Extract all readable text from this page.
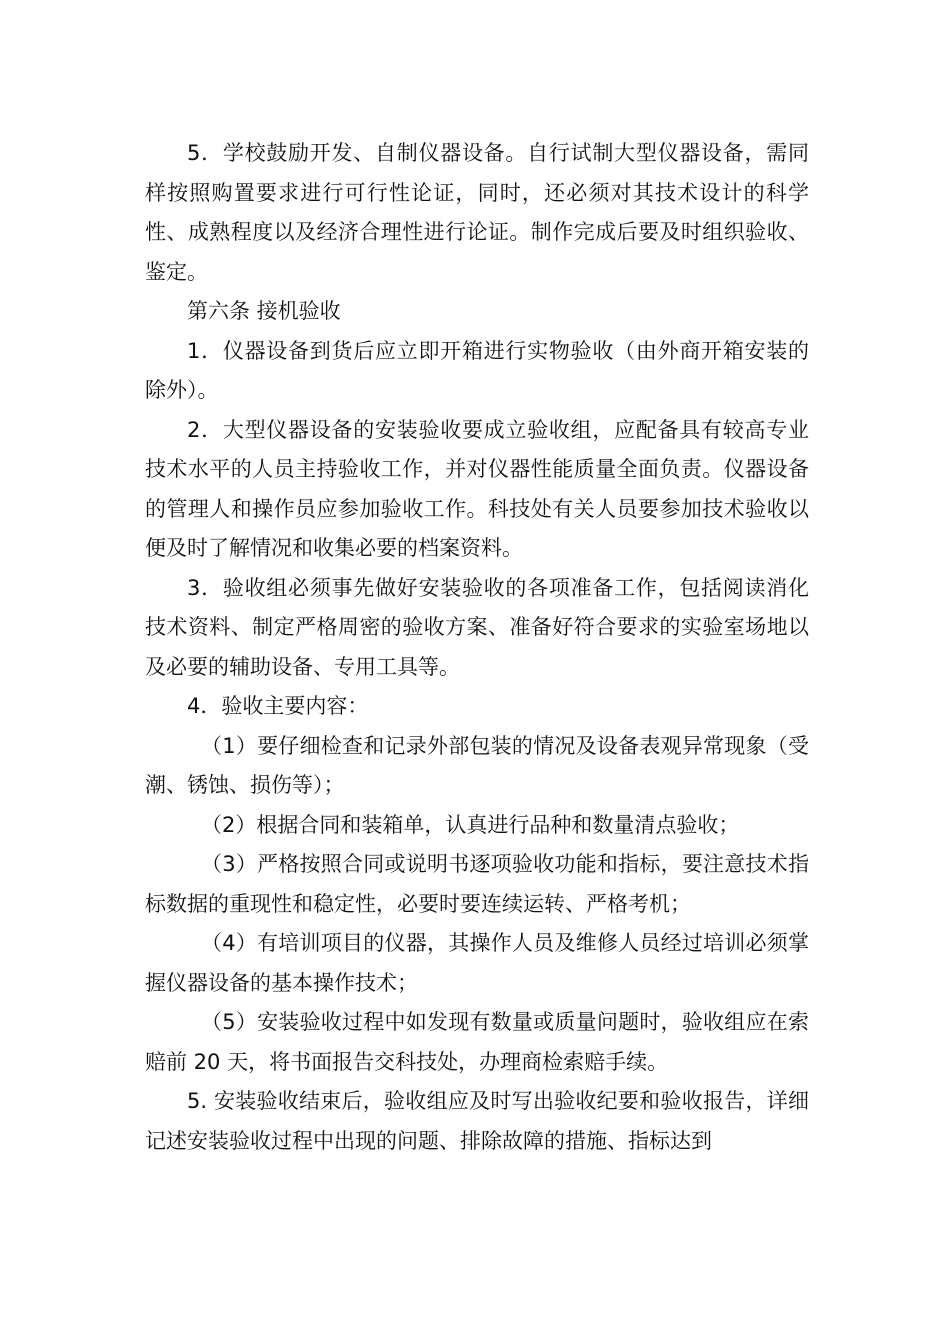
5．学校鼓励开发、自制仪器设备。自行试制大型仪器设备，需同样按照购置要求进行可行性论证，同时，还必须对其技术设计的科学性、成熟程度以及经济合理性进行论证。制作完成后要及时组织验收、鉴定。

第六条 接机验收

1．仪器设备到货后应立即开箱进行实物验收（由外商开箱安装的除外）。

2．大型仪器设备的安装验收要成立验收组，应配备具有较高专业技术水平的人员主持验收工作，并对仪器性能质量全面负责。仪器设备的管理人和操作员应参加验收工作。科技处有关人员要参加技术验收以便及时了解情况和收集必要的档案资料。

3．验收组必须事先做好安装验收的各项准备工作，包括阅读消化技术资料、制定严格周密的验收方案、准备好符合要求的实验室场地以及必要的辅助设备、专用工具等。

4．验收主要内容：

（1）要仔细检查和记录外部包装的情况及设备表观异常现象（受潮、锈蚀、损伤等）；

（2）根据合同和装箱单，认真进行品种和数量清点验收；

（3）严格按照合同或说明书逐项验收功能和指标，要注意技术指标数据的重现性和稳定性，必要时要连续运转、严格考机；

（4）有培训项目的仪器，其操作人员及维修人员经过培训必须掌握仪器设备的基本操作技术；

（5）安装验收过程中如发现有数量或质量问题时，验收组应在索赔前 20 天，将书面报告交科技处，办理商检索赔手续。

5. 安装验收结束后，验收组应及时写出验收纪要和验收报告，详细记述安装验收过程中出现的问题、排除故障的措施、指标达到
